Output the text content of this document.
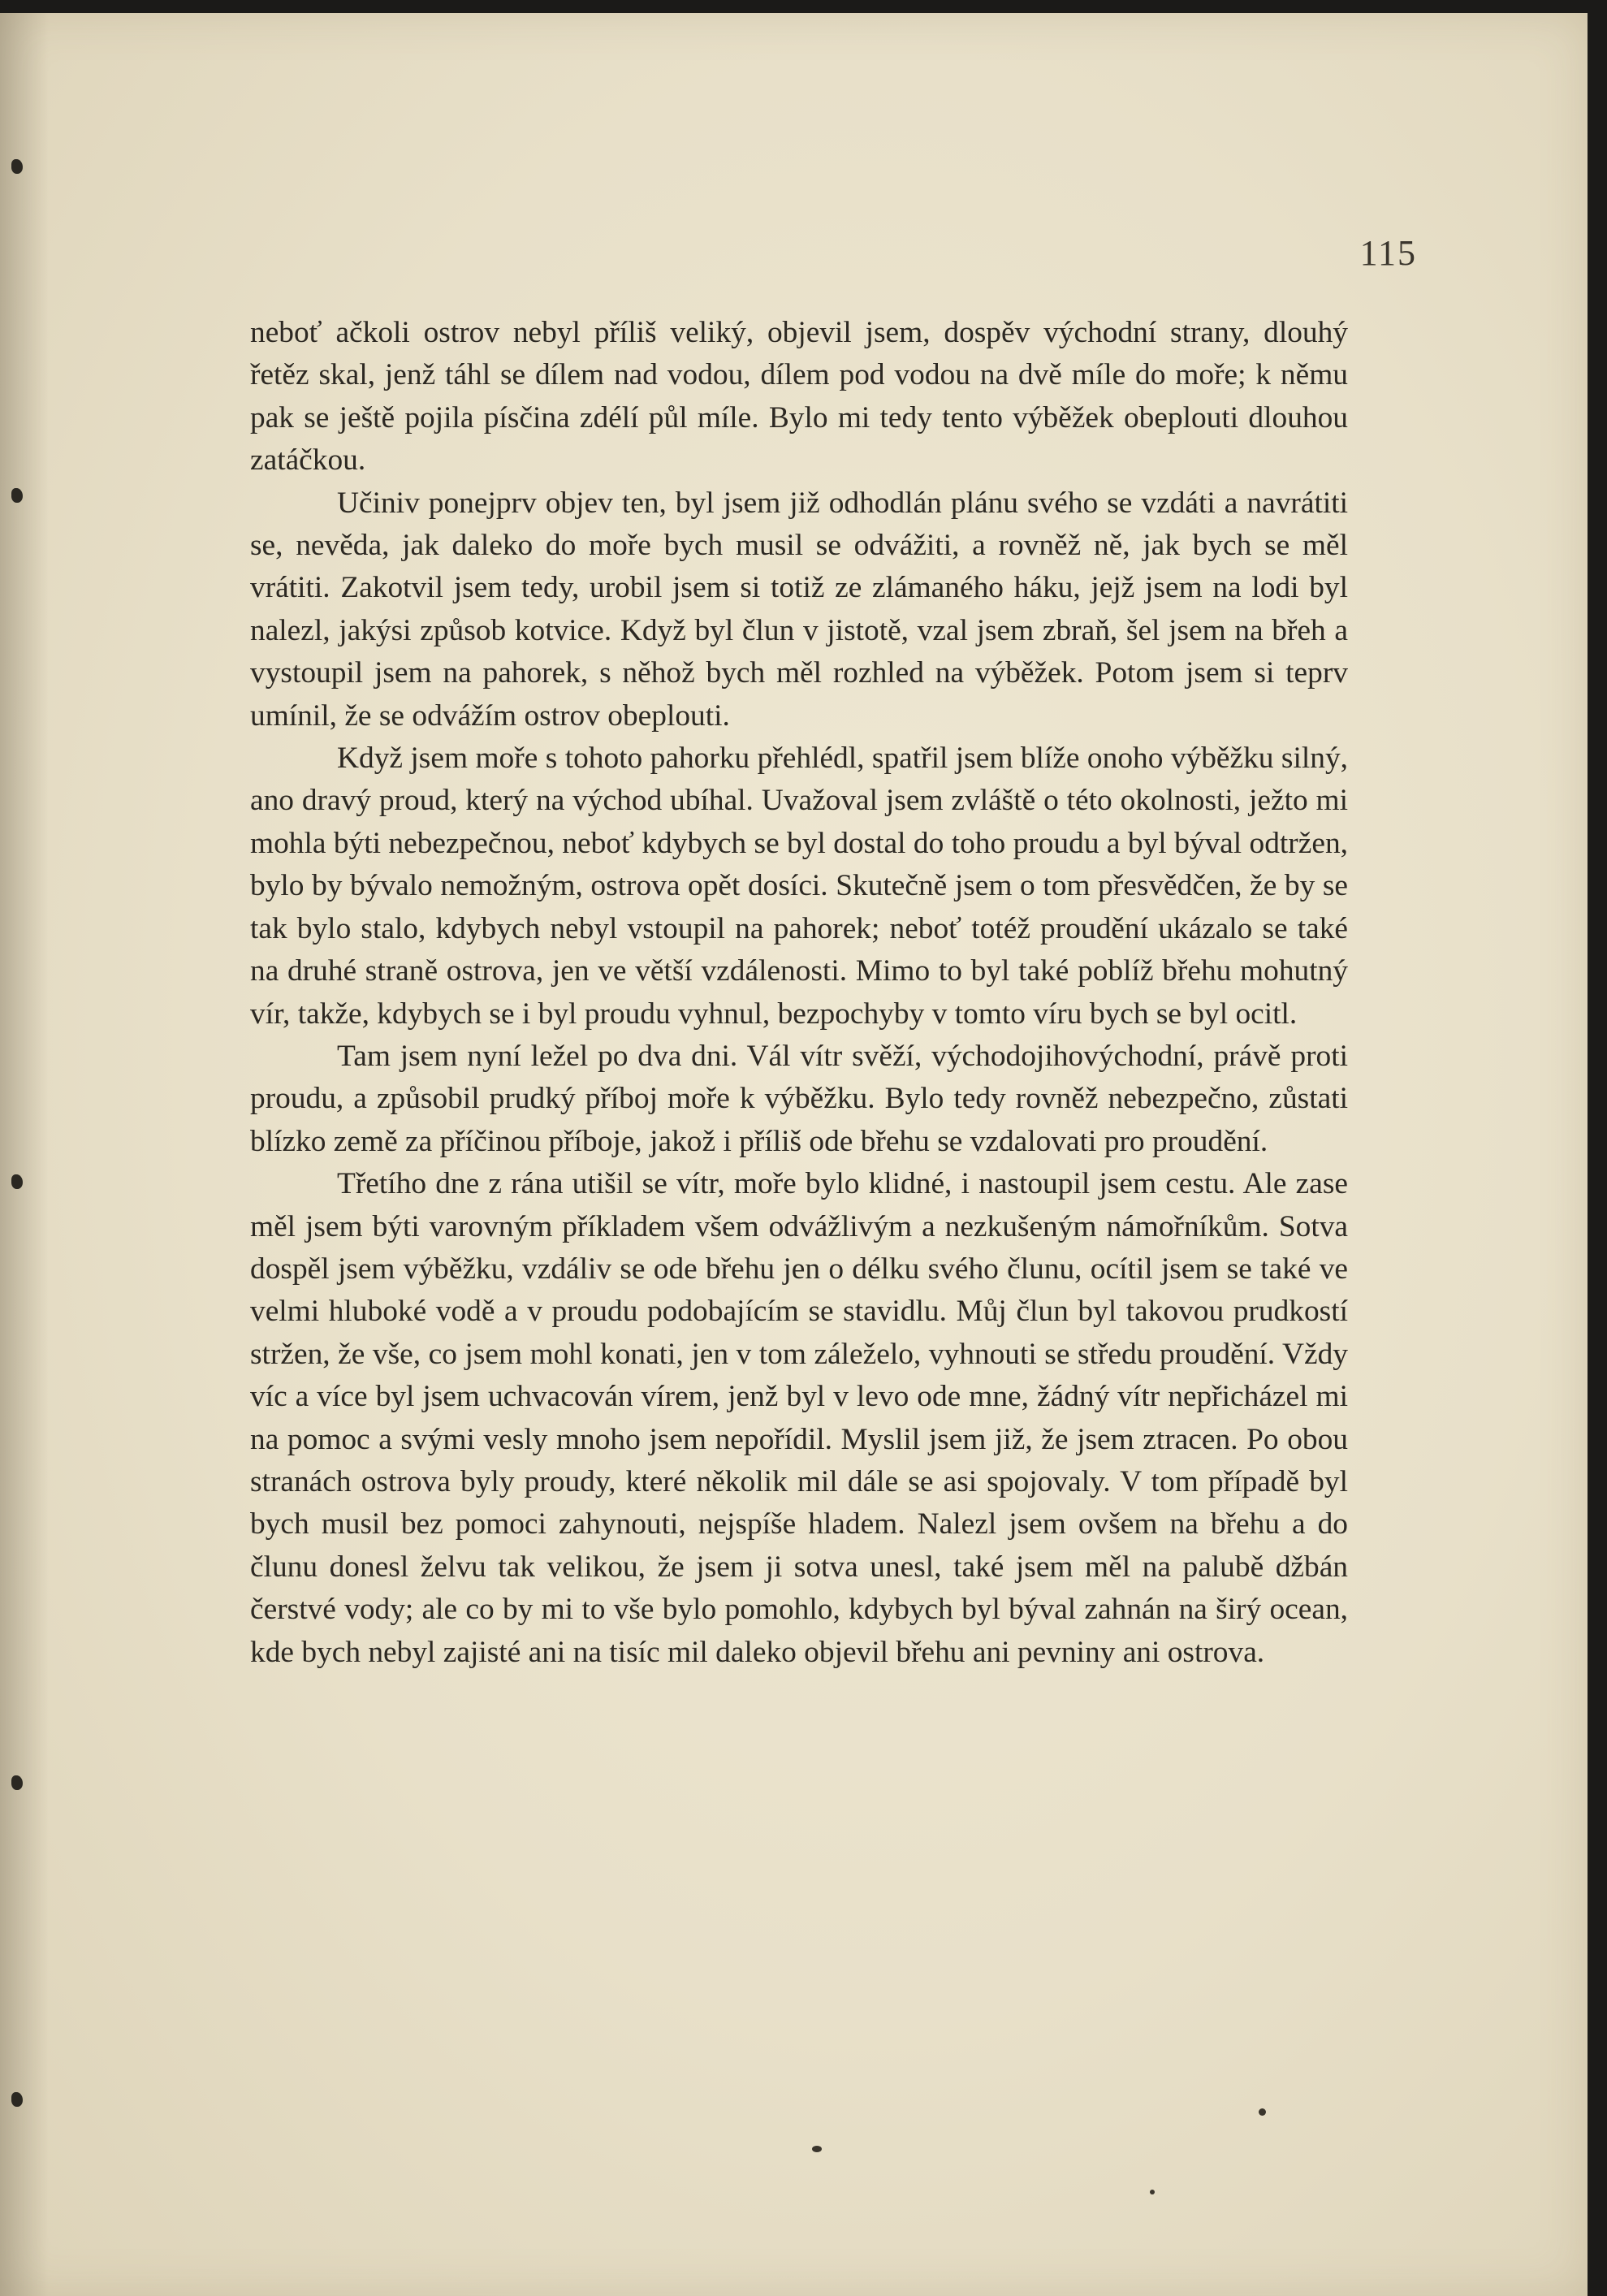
115

neboť ačkoli ostrov nebyl příliš veliký, objevil jsem, dospěv východní strany, dlouhý řetěz skal, jenž táhl se dílem nad vodou, dílem pod vodou na dvě míle do moře; k němu pak se ještě pojila písčina zdélí půl míle. Bylo mi tedy tento výběžek obeplouti dlouhou zatáčkou.

Učiniv ponejprv objev ten, byl jsem již odhodlán plánu svého se vzdáti a navrátiti se, nevěda, jak daleko do moře bych musil se odvážiti, a rovněž ně, jak bych se měl vrátiti. Zakotvil jsem tedy, urobil jsem si totiž ze zlámaného háku, jejž jsem na lodi byl nalezl, jakýsi způsob kotvice. Když byl člun v jistotě, vzal jsem zbraň, šel jsem na břeh a vystoupil jsem na pahorek, s něhož bych měl rozhled na výběžek. Potom jsem si teprv umínil, že se odvážím ostrov obeplouti.

Když jsem moře s tohoto pahorku přehlédl, spatřil jsem blíže onoho výběžku silný, ano dravý proud, který na východ ubíhal. Uvažoval jsem zvláště o této okolnosti, ježto mi mohla býti nebezpečnou, neboť kdybych se byl dostal do toho proudu a byl býval odtržen, bylo by bývalo nemožným, ostrova opět dosíci. Skutečně jsem o tom přesvědčen, že by se tak bylo stalo, kdybych nebyl vstoupil na pahorek; neboť totéž proudění ukázalo se také na druhé straně ostrova, jen ve větší vzdálenosti. Mimo to byl také poblíž břehu mohutný vír, takže, kdybych se i byl proudu vyhnul, bezpochyby v tomto víru bych se byl ocitl.

Tam jsem nyní ležel po dva dni. Vál vítr svěží, východojihovýchodní, právě proti proudu, a způsobil prudký příboj moře k výběžku. Bylo tedy rovněž nebezpečno, zůstati blízko země za příčinou příboje, jakož i příliš ode břehu se vzdalovati pro proudění.

Třetího dne z rána utišil se vítr, moře bylo klidné, i nastoupil jsem cestu. Ale zase měl jsem býti varovným příkladem všem odvážlivým a nezkušeným námořníkům. Sotva dospěl jsem výběžku, vzdáliv se ode břehu jen o délku svého člunu, ocítil jsem se také ve velmi hluboké vodě a v proudu podobajícím se stavidlu. Můj člun byl takovou prudkostí stržen, že vše, co jsem mohl konati, jen v tom záleželo, vyhnouti se středu proudění. Vždy víc a více byl jsem uchvacován vírem, jenž byl v levo ode mne, žádný vítr nepřicházel mi na pomoc a svými vesly mnoho jsem nepořídil. Myslil jsem již, že jsem ztracen. Po obou stranách ostrova byly proudy, které několik mil dále se asi spojovaly. V tom případě byl bych musil bez pomoci zahynouti, nejspíše hladem. Nalezl jsem ovšem na břehu a do člunu donesl želvu tak velikou, že jsem ji sotva unesl, také jsem měl na palubě džbán čerstvé vody; ale co by mi to vše bylo pomohlo, kdybych byl býval zahnán na širý ocean, kde bych nebyl zajisté ani na tisíc mil daleko objevil břehu ani pevniny ani ostrova.
